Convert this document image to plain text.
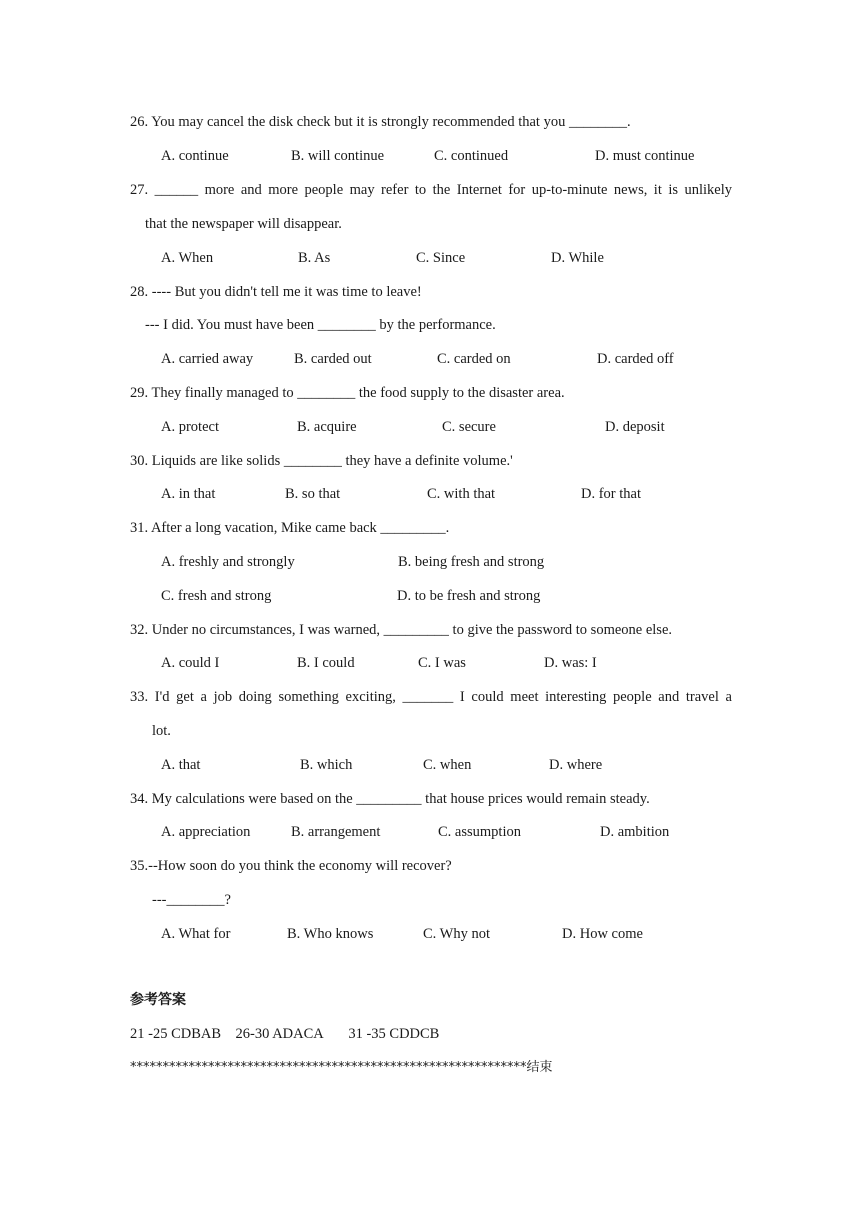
26. You may cancel the disk check but it is strongly recommended that you ________.
A. continue	B. will continue	C. continued	D. must continue
27. ______ more and more people may refer to the Internet for up-to-minute news, it is unlikely
that the newspaper will disappear.
A. When	B. As	C. Since	D. While
28. ---- But you didn't tell me it was time to leave!
--- I did. You must have been ________ by the performance.
A. carried away	B. carded out	C. carded on	D. carded off
29. They finally managed to ________ the food supply to the disaster area.
A. protect	B. acquire	C. secure	D. deposit
30. Liquids are like solids ________ they have a definite volume.'
A. in that	B. so that	C. with that	D. for that
31. After a long vacation, Mike came back _________.
A. freshly and strongly	B. being fresh and strong
C. fresh and strong	D. to be fresh and strong
32. Under no circumstances, I was warned, _________ to give the password to someone else.
A. could I	B. I could	C. I was	D. was: I
33. I'd get a job doing something exciting, _______ I could meet interesting people and travel a
lot.
A. that	B. which	C. when	D. where
34. My calculations were based on the _________ that house prices would remain steady.
A. appreciation	B. arrangement	C. assumption	D. ambition
35.--How soon do you think the economy will recover?
---________?
A. What for	B. Who knows	C. Why not	D. How come
参考答案
21 -25 CDBAB    26-30 ADACA       31 -35 CDDCB
*************************************************************结束
